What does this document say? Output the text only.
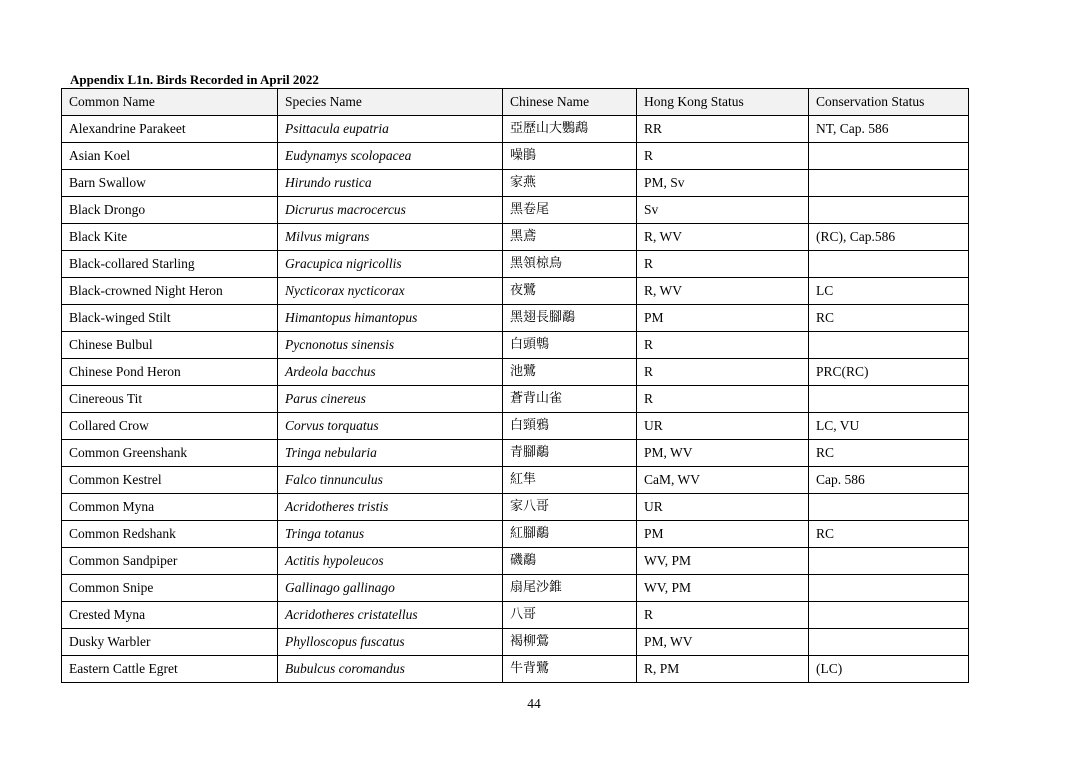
Appendix L1n. Birds Recorded in April 2022
Common Name	Species Name	Chinese Name	Hong Kong Status	Conservation Status
Alexandrine Parakeet	Psittacula eupatria	亞歷山大鸚鵡	RR	NT, Cap. 586
Asian Koel	Eudynamys scolopacea	噪鵑	R	
Barn Swallow	Hirundo rustica	家燕	PM, Sv	
Black Drongo	Dicrurus macrocercus	黑卷尾	Sv	
Black Kite	Milvus migrans	黑鳶	R, WV	(RC), Cap.586
Black-collared Starling	Gracupica nigricollis	黑領椋鳥	R	
Black-crowned Night Heron	Nycticorax nycticorax	夜鷺	R, WV	LC
Black-winged Stilt	Himantopus himantopus	黑翅長腳鷸	PM	RC
Chinese Bulbul	Pycnonotus sinensis	白頭鵯	R	
Chinese Pond Heron	Ardeola bacchus	池鷺	R	PRC(RC)
Cinereous Tit	Parus cinereus	蒼背山雀	R	
Collared Crow	Corvus torquatus	白頸鴉	UR	LC, VU
Common Greenshank	Tringa nebularia	青腳鷸	PM, WV	RC
Common Kestrel	Falco tinnunculus	紅隼	CaM, WV	Cap. 586
Common Myna	Acridotheres tristis	家八哥	UR	
Common Redshank	Tringa totanus	紅腳鷸	PM	RC
Common Sandpiper	Actitis hypoleucos	磯鷸	WV, PM	
Common Snipe	Gallinago gallinago	扇尾沙錐	WV, PM	
Crested Myna	Acridotheres cristatellus	八哥	R	
Dusky Warbler	Phylloscopus fuscatus	褐柳鶯	PM, WV	
Eastern Cattle Egret	Bubulcus coromandus	牛背鷺	R, PM	(LC)
44
